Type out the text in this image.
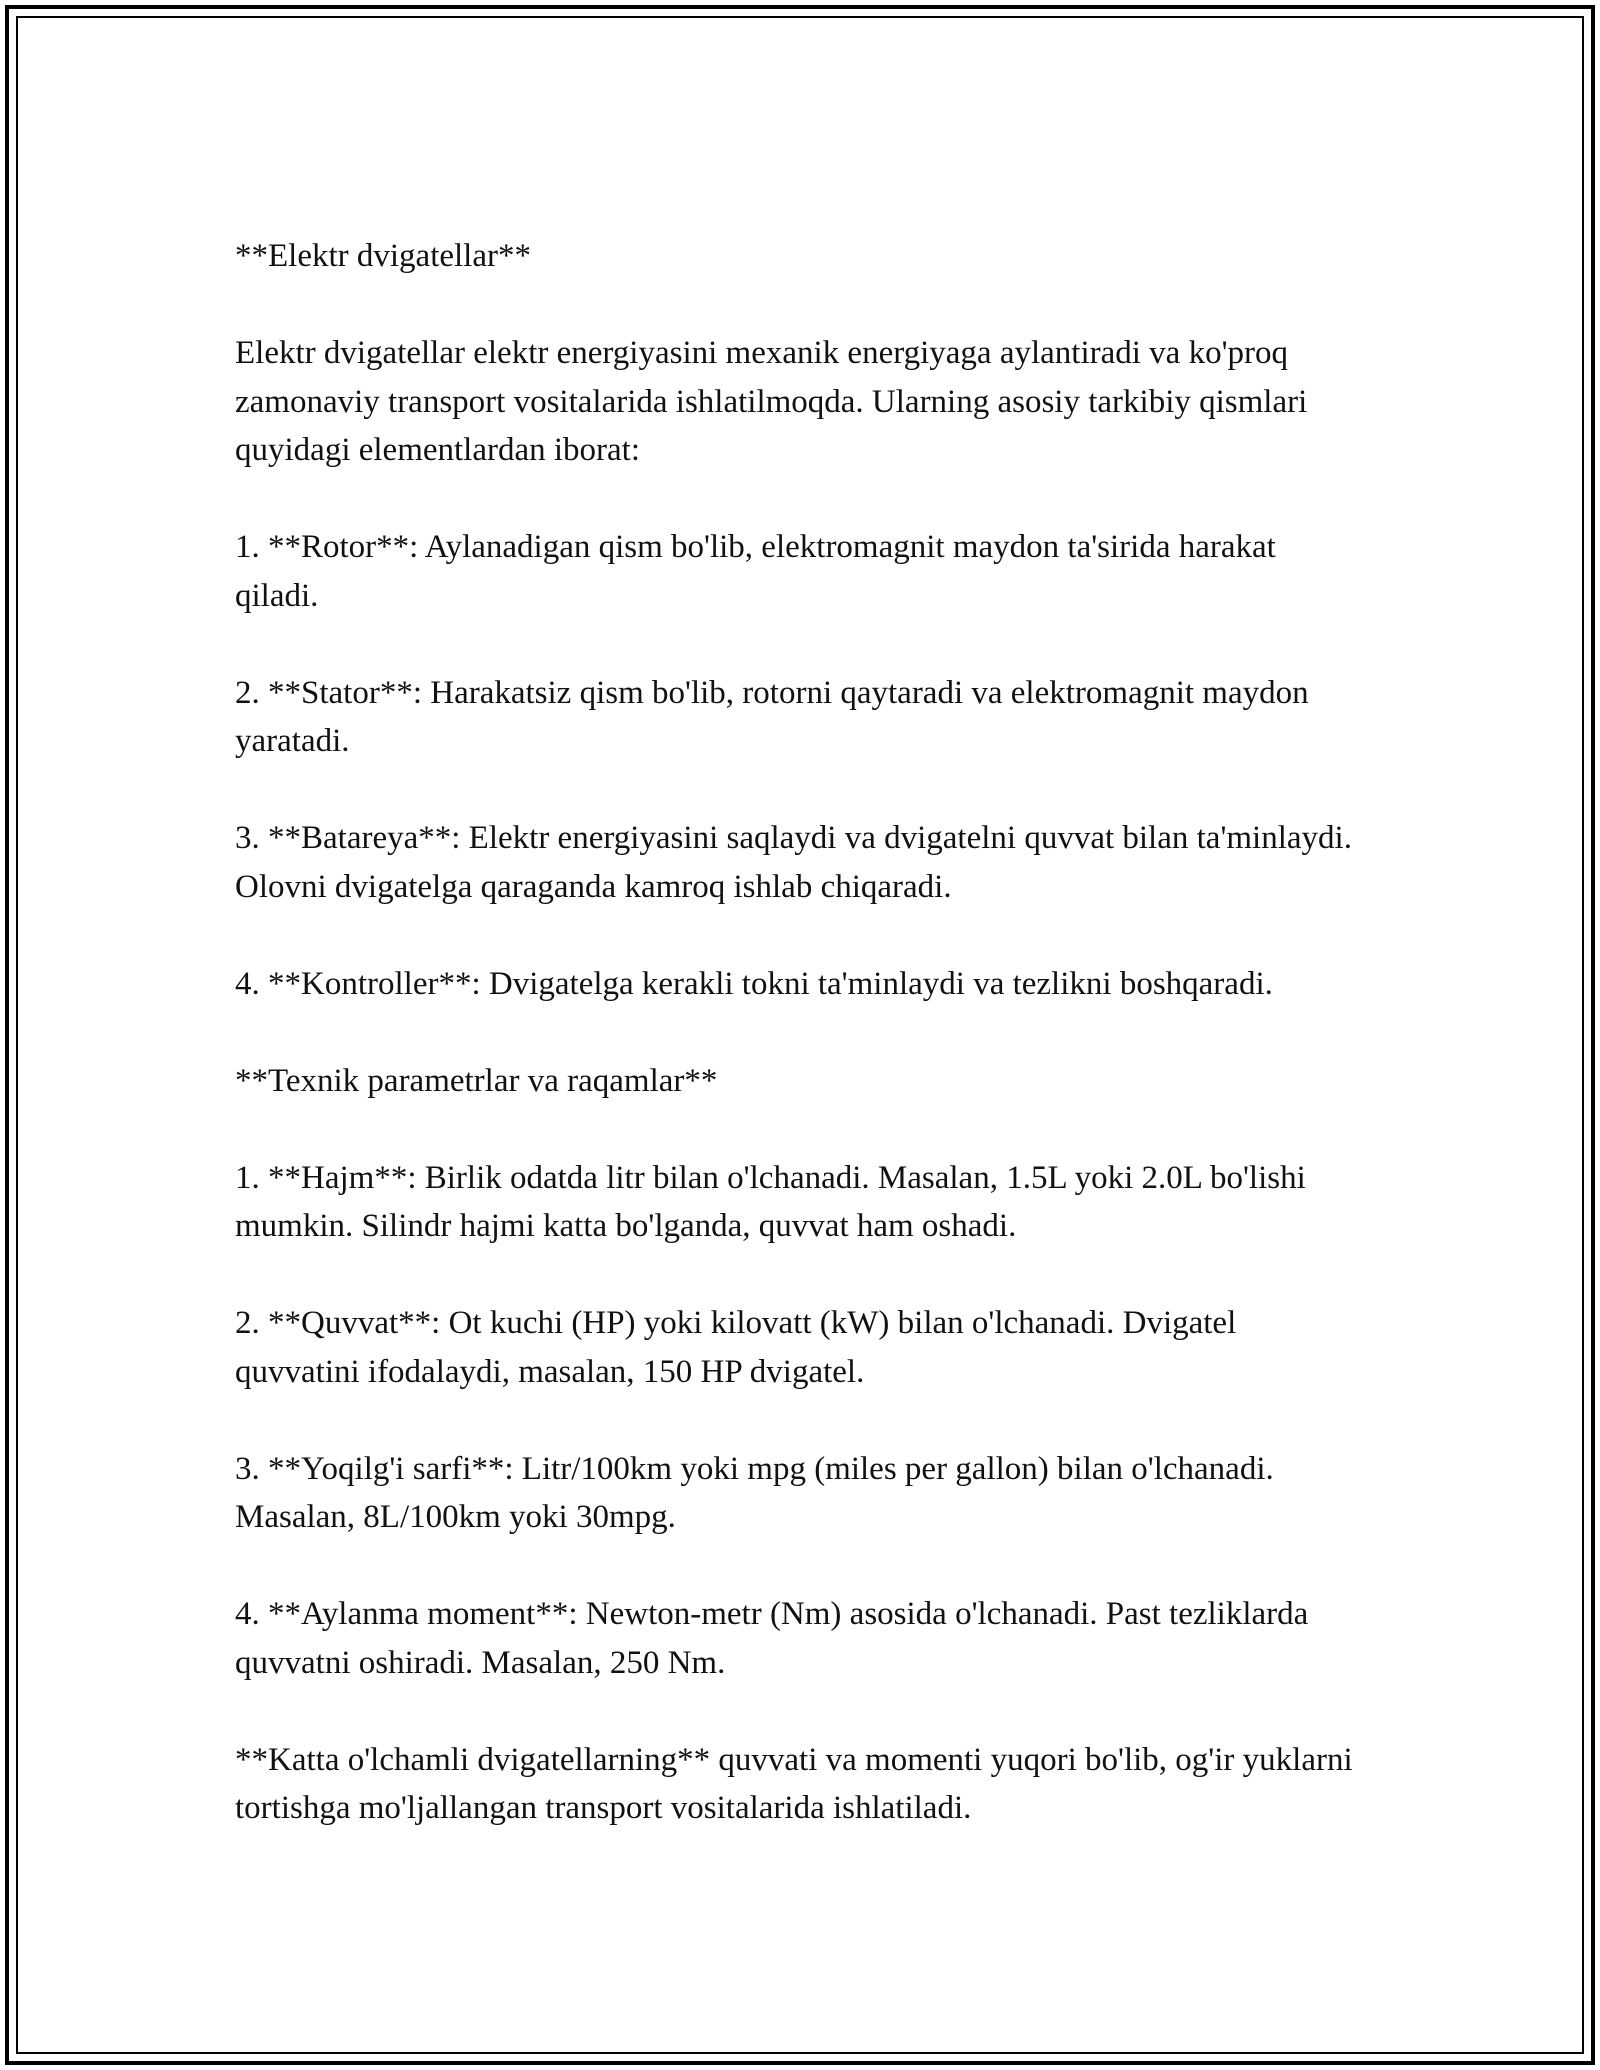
**Elektr dvigatellar**

Elektr dvigatellar elektr energiyasini mexanik energiyaga aylantiradi va ko'proq zamonaviy transport vositalarida ishlatilmoqda. Ularning asosiy tarkibiy qismlari quyidagi elementlardan iborat:

1. **Rotor**: Aylanadigan qism bo'lib, elektromagnit maydon ta'sirida harakat qiladi.

2. **Stator**: Harakatsiz qism bo'lib, rotorni qaytaradi va elektromagnit maydon yaratadi.

3. **Batareya**: Elektr energiyasini saqlaydi va dvigatelni quvvat bilan ta'minlaydi. Olovni dvigatelga qaraganda kamroq ishlab chiqaradi.

4. **Kontroller**: Dvigatelga kerakli tokni ta'minlaydi va tezlikni boshqaradi.

**Texnik parametrlar va raqamlar**

1. **Hajm**: Birlik odatda litr bilan o'lchanadi. Masalan, 1.5L yoki 2.0L bo'lishi mumkin. Silindr hajmi katta bo'lganda, quvvat ham oshadi.

2. **Quvvat**: Ot kuchi (HP) yoki kilovatt (kW) bilan o'lchanadi. Dvigatel quvvatini ifodalaydi, masalan, 150 HP dvigatel.

3. **Yoqilg'i sarfi**: Litr/100km yoki mpg (miles per gallon) bilan o'lchanadi. Masalan, 8L/100km yoki 30mpg.

4. **Aylanma moment**: Newton-metr (Nm) asosida o'lchanadi. Past tezliklarda quvvatni oshiradi. Masalan, 250 Nm.

**Katta o'lchamli dvigatellarning** quvvati va momenti yuqori bo'lib, og'ir yuklarni tortishga mo'ljallangan transport vositalarida ishlatiladi.
